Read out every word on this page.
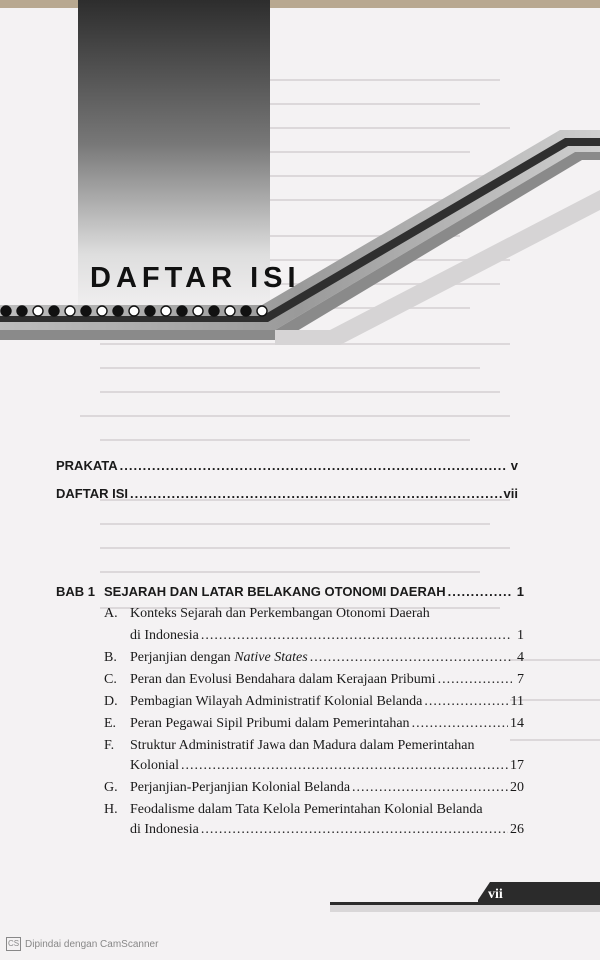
DAFTAR ISI
PRAKATA .....	v
DAFTAR ISI .....	vii
BAB 1 SEJARAH DAN LATAR BELAKANG OTONOMI DAERAH .....	1
A. Konteks Sejarah dan Perkembangan Otonomi Daerah
di Indonesia .....	1
B. Perjanjian dengan Native States .....	4
C. Peran dan Evolusi Bendahara dalam Kerajaan Pribumi .....	7
D. Pembagian Wilayah Administratif Kolonial Belanda .....	11
E. Peran Pegawai Sipil Pribumi dalam Pemerintahan .....	14
F. Struktur Administratif Jawa dan Madura dalam Pemerintahan
Kolonial .....	17
G. Perjanjian-Perjanjian Kolonial Belanda .....	20
H. Feodalisme dalam Tata Kelola Pemerintahan Kolonial Belanda
di Indonesia .....	26
vii
CS Dipindai dengan CamScanner
